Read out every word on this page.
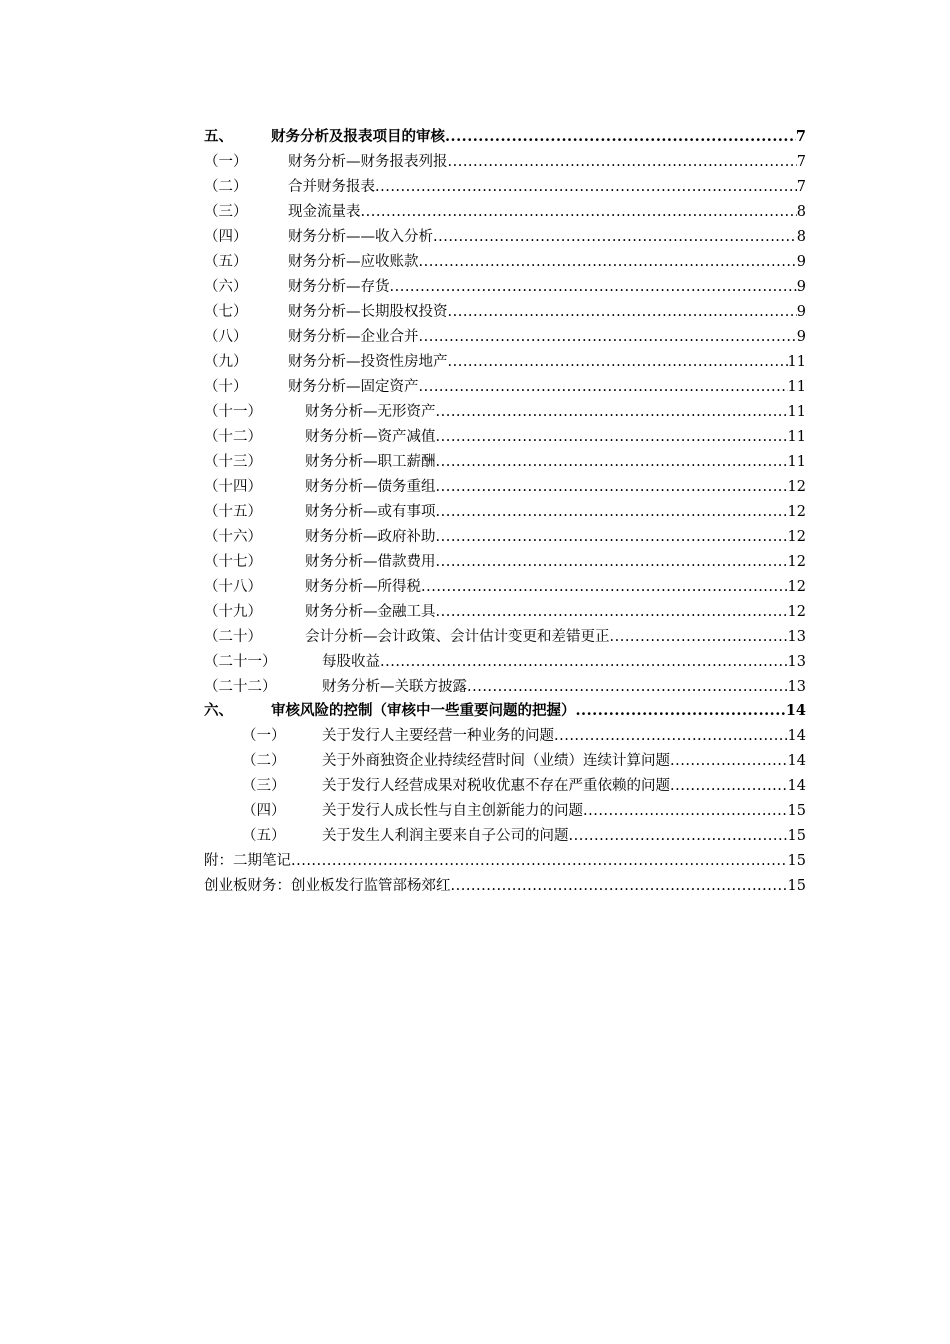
五、	财务分析及报表项目的审核 .....	7
（一）	财务分析—财务报表列报 .....	7
（二）	合并财务报表 .....	7
（三）	现金流量表 .....	8
（四）	财务分析——收入分析 .....	8
（五）	财务分析—应收账款 .....	9
（六）	财务分析—存货 .....	9
（七）	财务分析—长期股权投资 .....	9
（八）	财务分析—企业合并 .....	9
（九）	财务分析—投资性房地产 .....	11
（十）	财务分析—固定资产 .....	11
（十一）	财务分析—无形资产 .....	11
（十二）	财务分析—资产减值 .....	11
（十三）	财务分析—职工薪酬 .....	11
（十四）	财务分析—债务重组 .....	12
（十五）	财务分析—或有事项 .....	12
（十六）	财务分析—政府补助 .....	12
（十七）	财务分析—借款费用 .....	12
（十八）	财务分析—所得税 .....	12
（十九）	财务分析—金融工具 .....	12
（二十）	会计分析—会计政策、会计估计变更和差错更正 .....	13
（二十一）	每股收益 .....	13
（二十二）	财务分析—关联方披露 .....	13
六、	审核风险的控制（审核中一些重要问题的把握） .....	14
（一）	关于发行人主要经营一种业务的问题 .....	14
（二）	关于外商独资企业持续经营时间（业绩）连续计算问题 .....	14
（三）	关于发行人经营成果对税收优惠不存在严重依赖的问题 .....	14
（四）	关于发行人成长性与自主创新能力的问题 .....	15
（五）	关于发生人利润主要来自子公司的问题 .....	15
附：二期笔记 .....	15
创业板财务：创业板发行监管部杨郊红 .....	15
